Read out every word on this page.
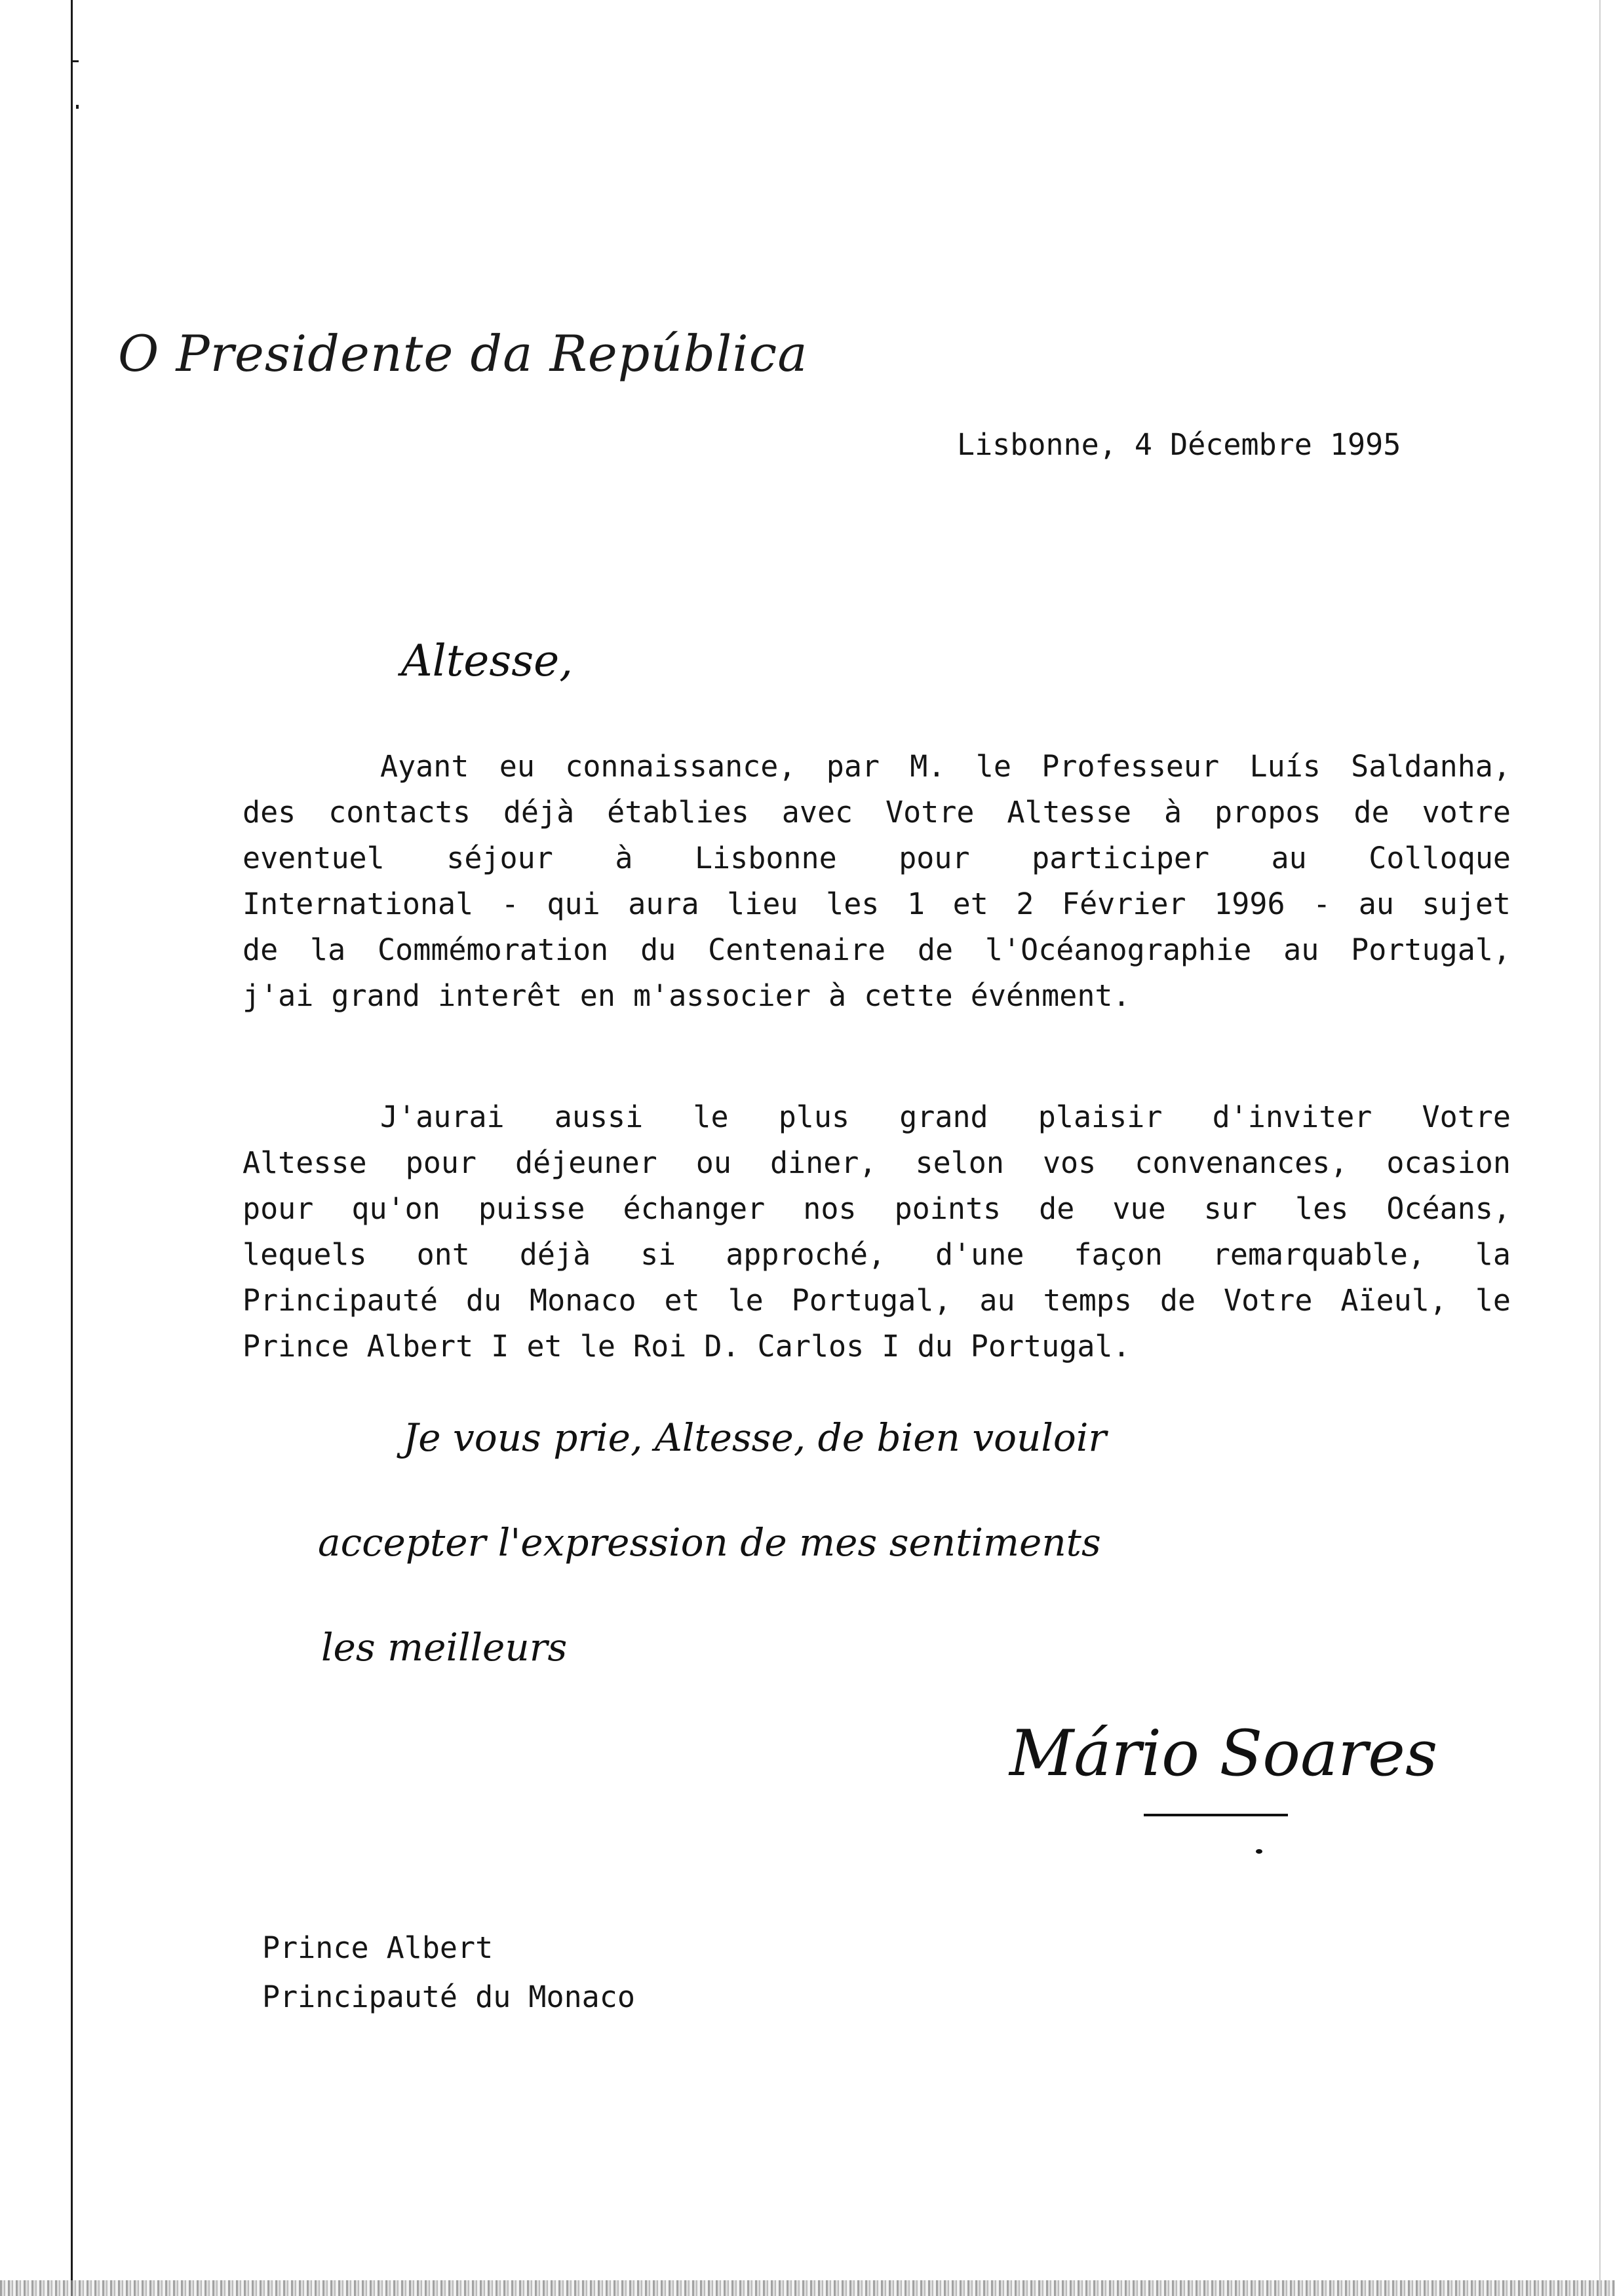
O Presidente da República
Lisbonne, 4 Décembre 1995
Altesse,
Ayant eu connaissance, par M. le Professeur Luís Saldanha,
des contacts déjà établies avec Votre Altesse à propos de votre
eventuel séjour à Lisbonne pour participer au Colloque
International - qui aura lieu les 1 et 2 Février 1996 - au sujet
de la Commémoration du Centenaire de l'Océanographie au Portugal,
j'ai grand interêt en m'associer à cette événment.
J'aurai aussi le plus grand plaisir d'inviter Votre
Altesse pour déjeuner ou diner, selon vos convenances, ocasion
pour qu'on puisse échanger nos points de vue sur les Océans,
lequels ont déjà si approché, d'une façon remarquable, la
Principauté du Monaco et le Portugal, au temps de Votre Aïeul, le
Prince Albert I et le Roi D. Carlos I du Portugal.
Je vous prie, Altesse, de bien vouloir
accepter l'expression de mes sentiments
les meilleurs
Mário Soares
Prince Albert
Principauté du Monaco
